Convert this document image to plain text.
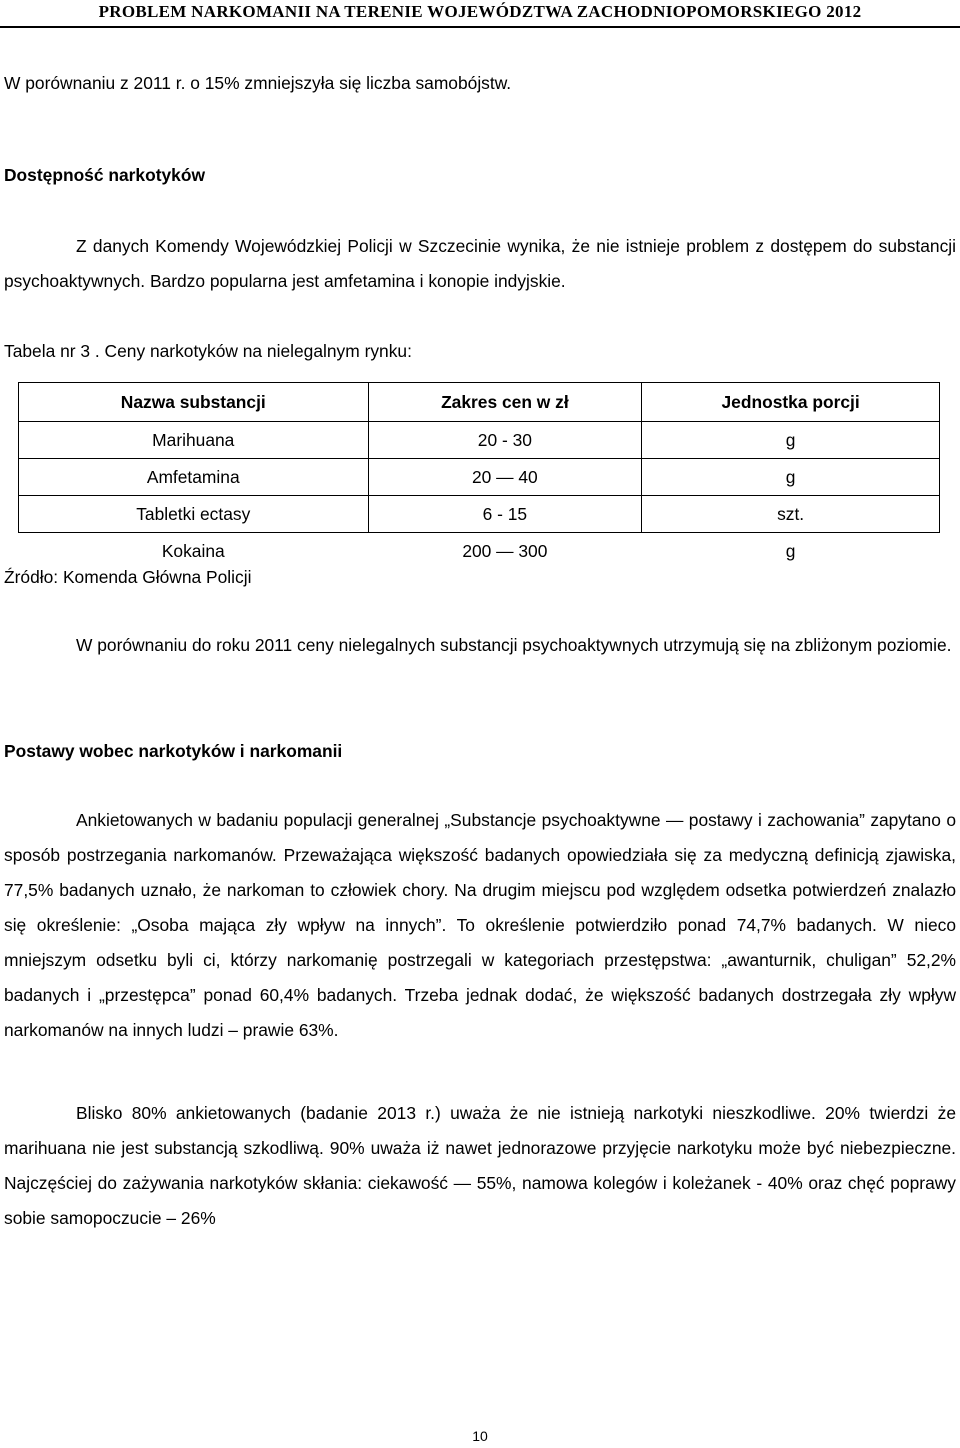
PROBLEM NARKOMANII NA TERENIE WOJEWÓDZTWA ZACHODNIOPOMORSKIEGO 2012
W porównaniu z 2011 r. o 15% zmniejszyła się liczba samobójstw.
Dostępność narkotyków
Z danych Komendy Wojewódzkiej Policji w Szczecinie wynika, że nie istnieje problem z dostępem do substancji psychoaktywnych. Bardzo popularna jest amfetamina i konopie indyjskie.
Tabela nr 3 . Ceny narkotyków na nielegalnym rynku:
Nazwa substancji	Zakres cen w zł	Jednostka porcji
Marihuana	20 - 30	g
Amfetamina	20 — 40	g
Tabletki ectasy	6 - 15	szt.
Kokaina	200 — 300	g
Źródło: Komenda Główna Policji
W porównaniu do roku 2011 ceny nielegalnych substancji psychoaktywnych utrzymują się na zbliżonym poziomie.
Postawy wobec narkotyków i narkomanii
Ankietowanych w badaniu populacji generalnej „Substancje psychoaktywne — postawy i zachowania” zapytano o sposób postrzegania narkomanów. Przeważająca większość badanych opowiedziała się za medyczną definicją zjawiska, 77,5% badanych uznało, że narkoman to człowiek chory. Na drugim miejscu pod względem odsetka potwierdzeń znalazło się określenie: „Osoba mająca zły wpływ na innych”. To określenie potwierdziło ponad 74,7% badanych. W nieco mniejszym odsetku byli ci, którzy narkomanię postrzegali w kategoriach przestępstwa: „awanturnik, chuligan” 52,2% badanych i „przestępca” ponad 60,4% badanych. Trzeba jednak dodać, że większość badanych dostrzegała zły wpływ narkomanów na innych ludzi – prawie 63%.
Blisko 80% ankietowanych (badanie 2013 r.) uważa że nie istnieją narkotyki nieszkodliwe. 20% twierdzi że marihuana nie jest substancją szkodliwą. 90% uważa iż nawet jednorazowe przyjęcie narkotyku może być niebezpieczne. Najczęściej do zażywania narkotyków skłania: ciekawość — 55%, namowa kolegów i koleżanek - 40% oraz chęć poprawy sobie samopoczucie – 26%
10
